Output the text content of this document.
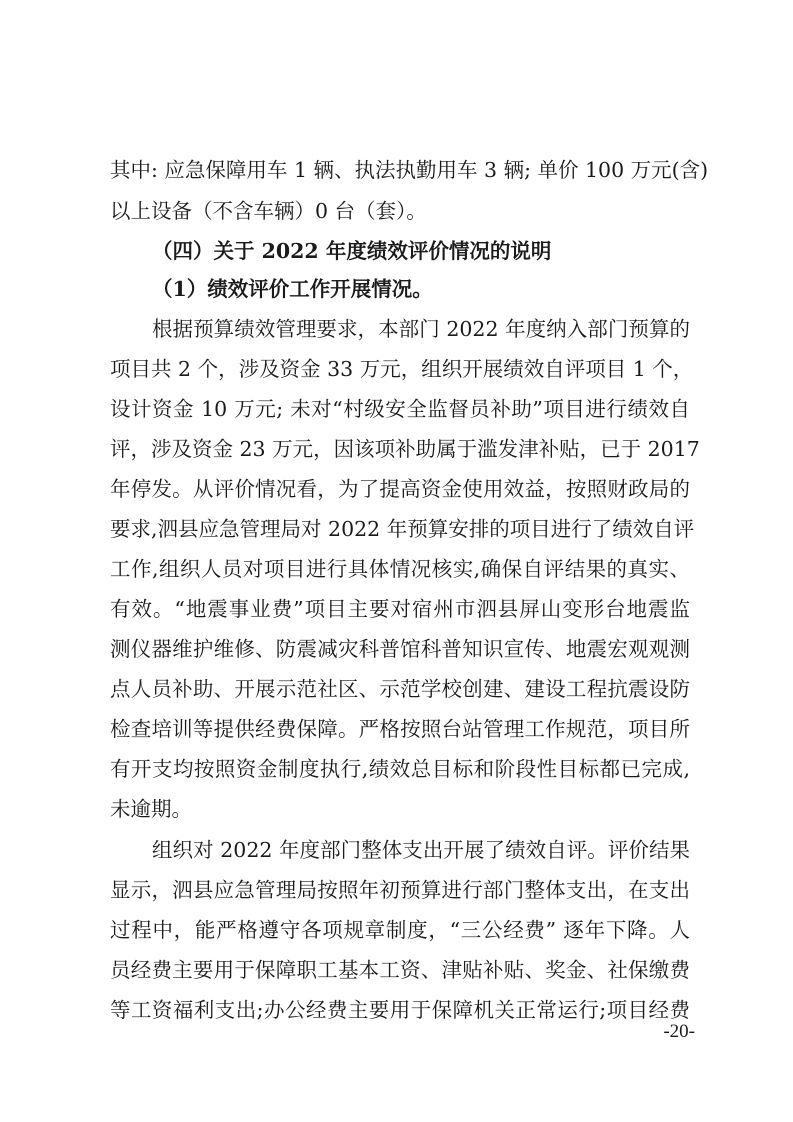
其中: 应急保障用车 1 辆、执法执勤用车 3 辆; 单价 100 万元(含)
以上设备（不含车辆）0 台（套）。
（四）关于 2022 年度绩效评价情况的说明
（1）绩效评价工作开展情况。
根据预算绩效管理要求，本部门 2022 年度纳入部门预算的
项目共 2 个，涉及资金 33 万元，组织开展绩效自评项目 1 个，
设计资金 10 万元; 未对“村级安全监督员补助”项目进行绩效自
评，涉及资金 23 万元，因该项补助属于滥发津补贴，已于 2017
年停发。从评价情况看，为了提高资金使用效益，按照财政局的
要求,泗县应急管理局对 2022 年预算安排的项目进行了绩效自评
工作,组织人员对项目进行具体情况核实,确保自评结果的真实、
有效。“地震事业费”项目主要对宿州市泗县屏山变形台地震监
测仪器维护维修、防震减灾科普馆科普知识宣传、地震宏观观测
点人员补助、开展示范社区、示范学校创建、建设工程抗震设防
检查培训等提供经费保障。严格按照台站管理工作规范，项目所
有开支均按照资金制度执行,绩效总目标和阶段性目标都已完成,
未逾期。
组织对 2022 年度部门整体支出开展了绩效自评。评价结果
显示，泗县应急管理局按照年初预算进行部门整体支出，在支出
过程中，能严格遵守各项规章制度，“三公经费” 逐年下降。人
员经费主要用于保障职工基本工资、津贴补贴、奖金、社保缴费
等工资福利支出;办公经费主要用于保障机关正常运行;项目经费
-20-
